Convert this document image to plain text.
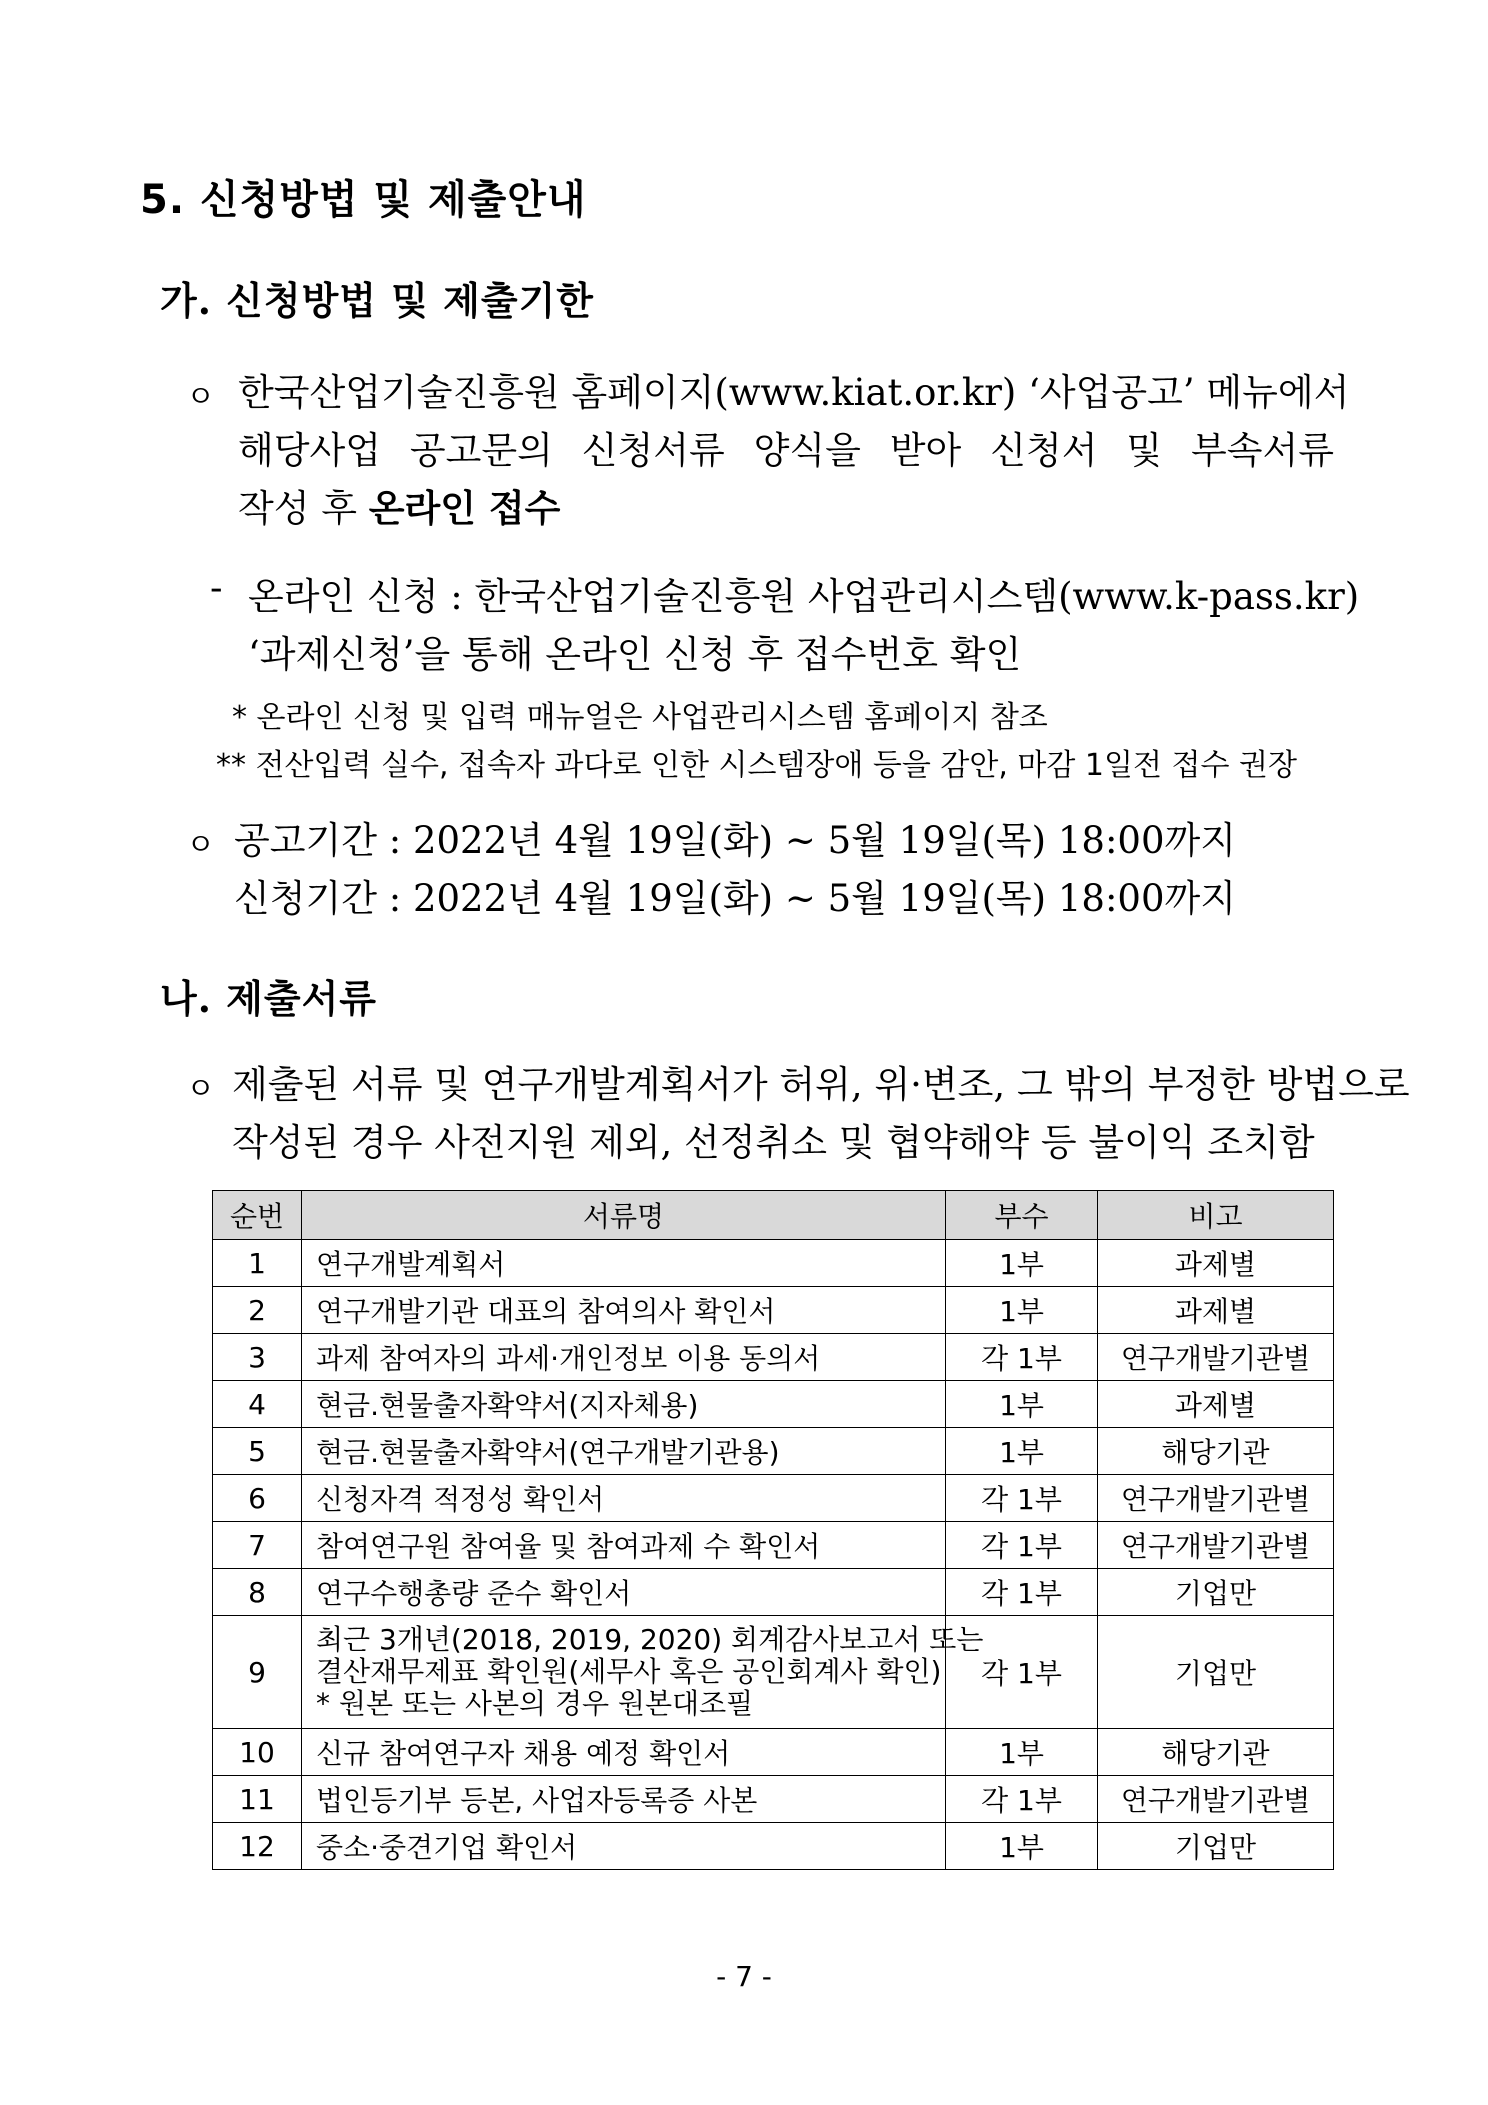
5. 신청방법 및 제출안내
가. 신청방법 및 제출기한
ㅇ 한국산업기술진흥원 홈페이지(www.kiat.or.kr) ‘사업공고’ 메뉴에서
해당사업 공고문의 신청서류 양식을 받아 신청서 및 부속서류
작성 후 온라인 접수
- 온라인 신청 : 한국산업기술진흥원 사업관리시스템(www.k-pass.kr)
‘과제신청’을 통해 온라인 신청 후 접수번호 확인
* 온라인 신청 및 입력 매뉴얼은 사업관리시스템 홈페이지 참조
** 전산입력 실수, 접속자 과다로 인한 시스템장애 등을 감안, 마감 1일전 접수 권장
ㅇ 공고기간 : 2022년 4월 19일(화) ~ 5월 19일(목) 18:00까지
신청기간 : 2022년 4월 19일(화) ~ 5월 19일(목) 18:00까지
나. 제출서류
ㅇ 제출된 서류 및 연구개발계획서가 허위, 위·변조, 그 밖의 부정한 방법으로
작성된 경우 사전지원 제외, 선정취소 및 협약해약 등 불이익 조치함
순번	서류명	부수	비고
1	연구개발계획서	1부	과제별
2	연구개발기관 대표의 참여의사 확인서	1부	과제별
3	과제 참여자의 과세·개인정보 이용 동의서	각 1부	연구개발기관별
4	현금.현물출자확약서(지자체용)	1부	과제별
5	현금.현물출자확약서(연구개발기관용)	1부	해당기관
6	신청자격 적정성 확인서	각 1부	연구개발기관별
7	참여연구원 참여율 및 참여과제 수 확인서	각 1부	연구개발기관별
8	연구수행총량 준수 확인서	각 1부	기업만
9	최근 3개년(2018, 2019, 2020) 회계감사보고서 또는
결산재무제표 확인원(세무사 혹은 공인회계사 확인)
* 원본 또는 사본의 경우 원본대조필	각 1부	기업만
10	신규 참여연구자 채용 예정 확인서	1부	해당기관
11	법인등기부 등본, 사업자등록증 사본	각 1부	연구개발기관별
12	중소·중견기업 확인서	1부	기업만
- 7 -
